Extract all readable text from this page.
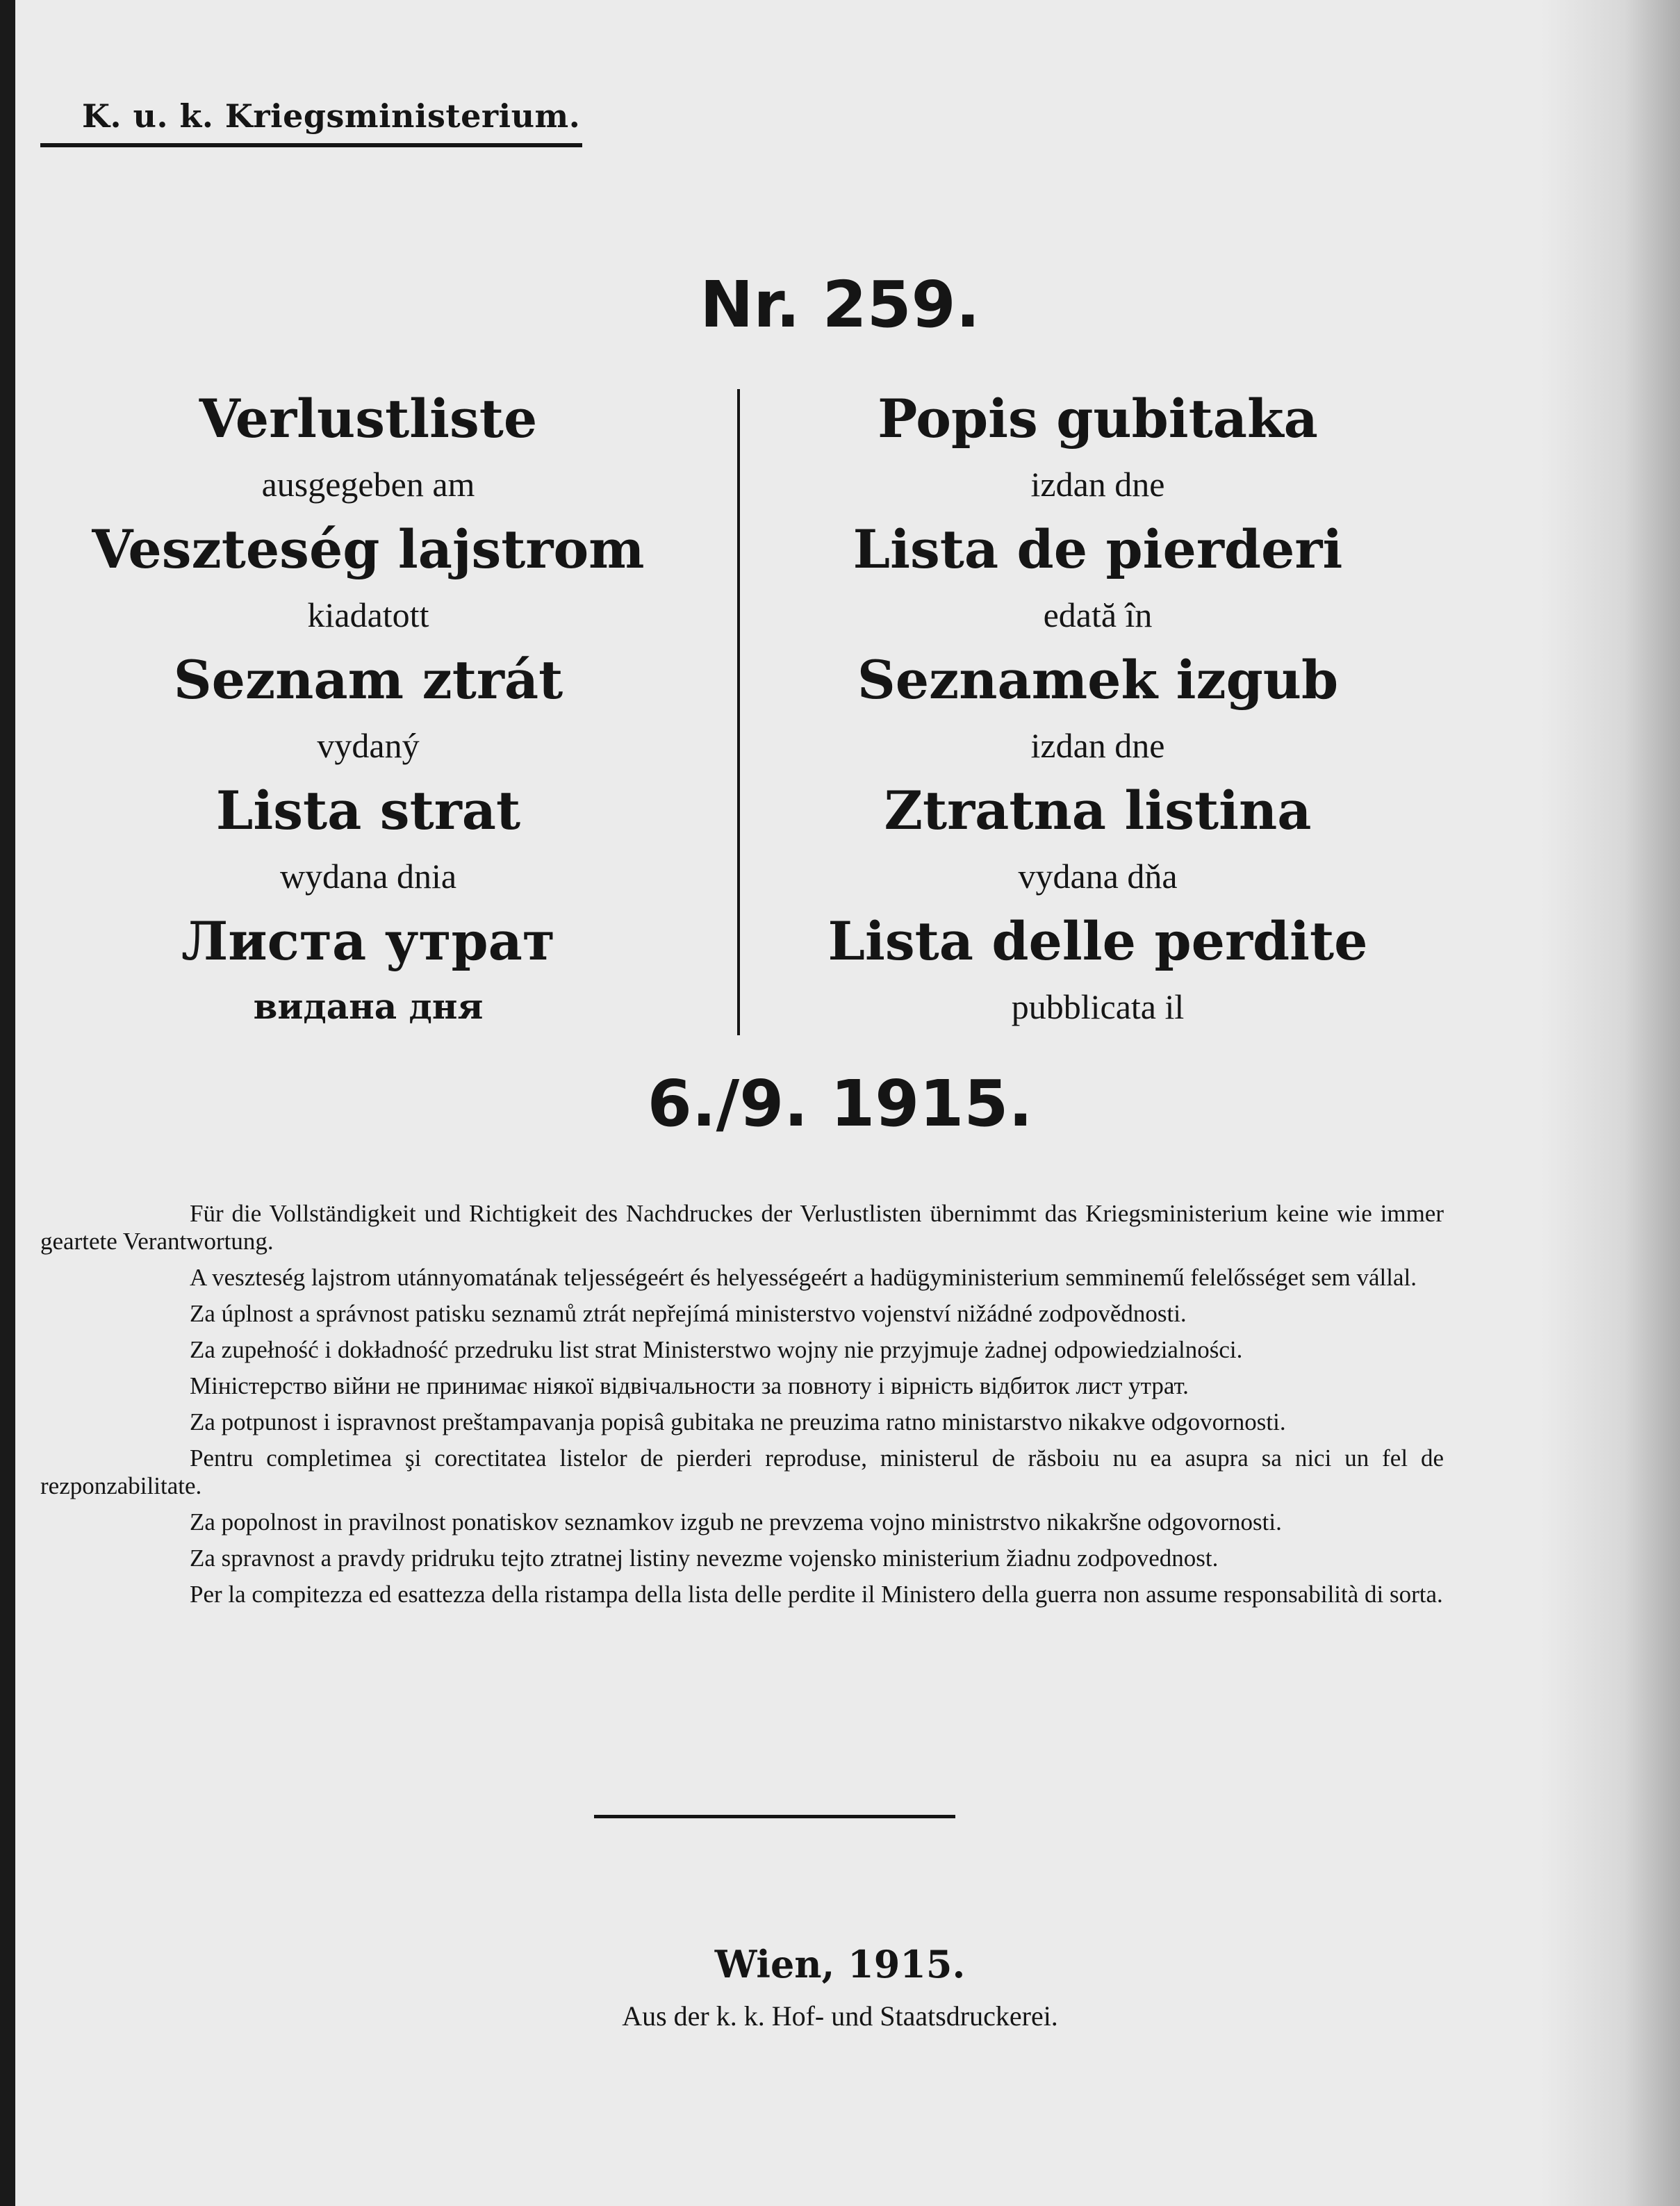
K. u. k. Kriegsministerium.
Nr. 259.
Verlustliste
ausgegeben am
Veszteség lajstrom
kiadatott
Seznam ztrát
vydaný
Lista strat
wydana dnia
Листа утрат
видана дня
Popis gubitaka
izdan dne
Lista de pierderi
edată în
Seznamek izgub
izdan dne
Ztratna listina
vydana dňa
Lista delle perdite
pubblicata il
6./9. 1915.

Für die Vollständigkeit und Richtigkeit des Nachdruckes der Verlustlisten übernimmt das Kriegsministerium keine wie immer geartete Verantwortung.

A veszteség lajstrom utánnyomatának teljességeért és helyességeért a hadügyministerium semminemű felelősséget sem vállal.

Za úplnost a správnost patisku seznamů ztrát nepřejímá ministerstvo vojenství nižádné zodpovědnosti.

Za zupełność i dokładność przedruku list strat Ministerstwo wojny nie przyjmuje żadnej odpowiedzialności.

Міністерство війни не принимає ніякої відвічальности за повноту і вірність відбиток лист утрат.

Za potpunost i ispravnost preštampavanja popisâ gubitaka ne preuzima ratno ministarstvo nikakve odgovornosti.

Pentru completimea şi corectitatea listelor de pierderi reproduse, ministerul de răsboiu nu ea asupra sa nici un fel de rezponzabilitate.

Za popolnost in pravilnost ponatiskov seznamkov izgub ne prevzema vojno ministrstvo nikakršne odgovornosti.

Za spravnost a pravdy pridruku tejto ztratnej listiny nevezme vojensko ministerium žiadnu zodpovednost.

Per la compitezza ed esattezza della ristampa della lista delle perdite il Ministero della guerra non assume responsabilità di sorta.

Wien, 1915.
Aus der k. k. Hof- und Staatsdruckerei.
